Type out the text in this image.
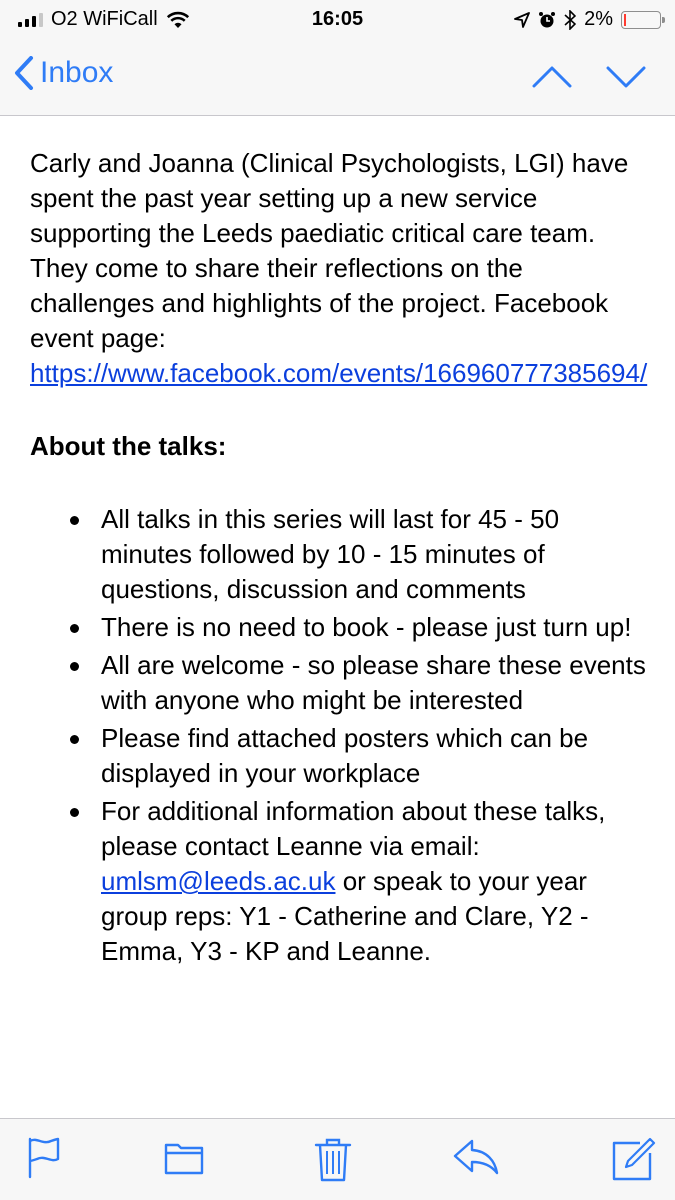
O2 WiFiCall	16:05	2%
Inbox

Carly and Joanna (Clinical Psychologists, LGI) have spent the past year setting up a new service supporting the Leeds paediatic critical care team. They come to share their reflections on the challenges and highlights of the project. Facebook event page: https://www.facebook.com/events/166960777385694/

About the talks:

All talks in this series will last for 45 - 50 minutes followed by 10 - 15 minutes of questions, discussion and comments
There is no need to book - please just turn up!
All are welcome - so please share these events with anyone who might be interested
Please find attached posters which can be displayed in your workplace
For additional information about these talks, please contact Leanne via email: umlsm@leeds.ac.uk or speak to your year group reps: Y1 - Catherine and Clare, Y2 - Emma, Y3 - KP and Leanne.
